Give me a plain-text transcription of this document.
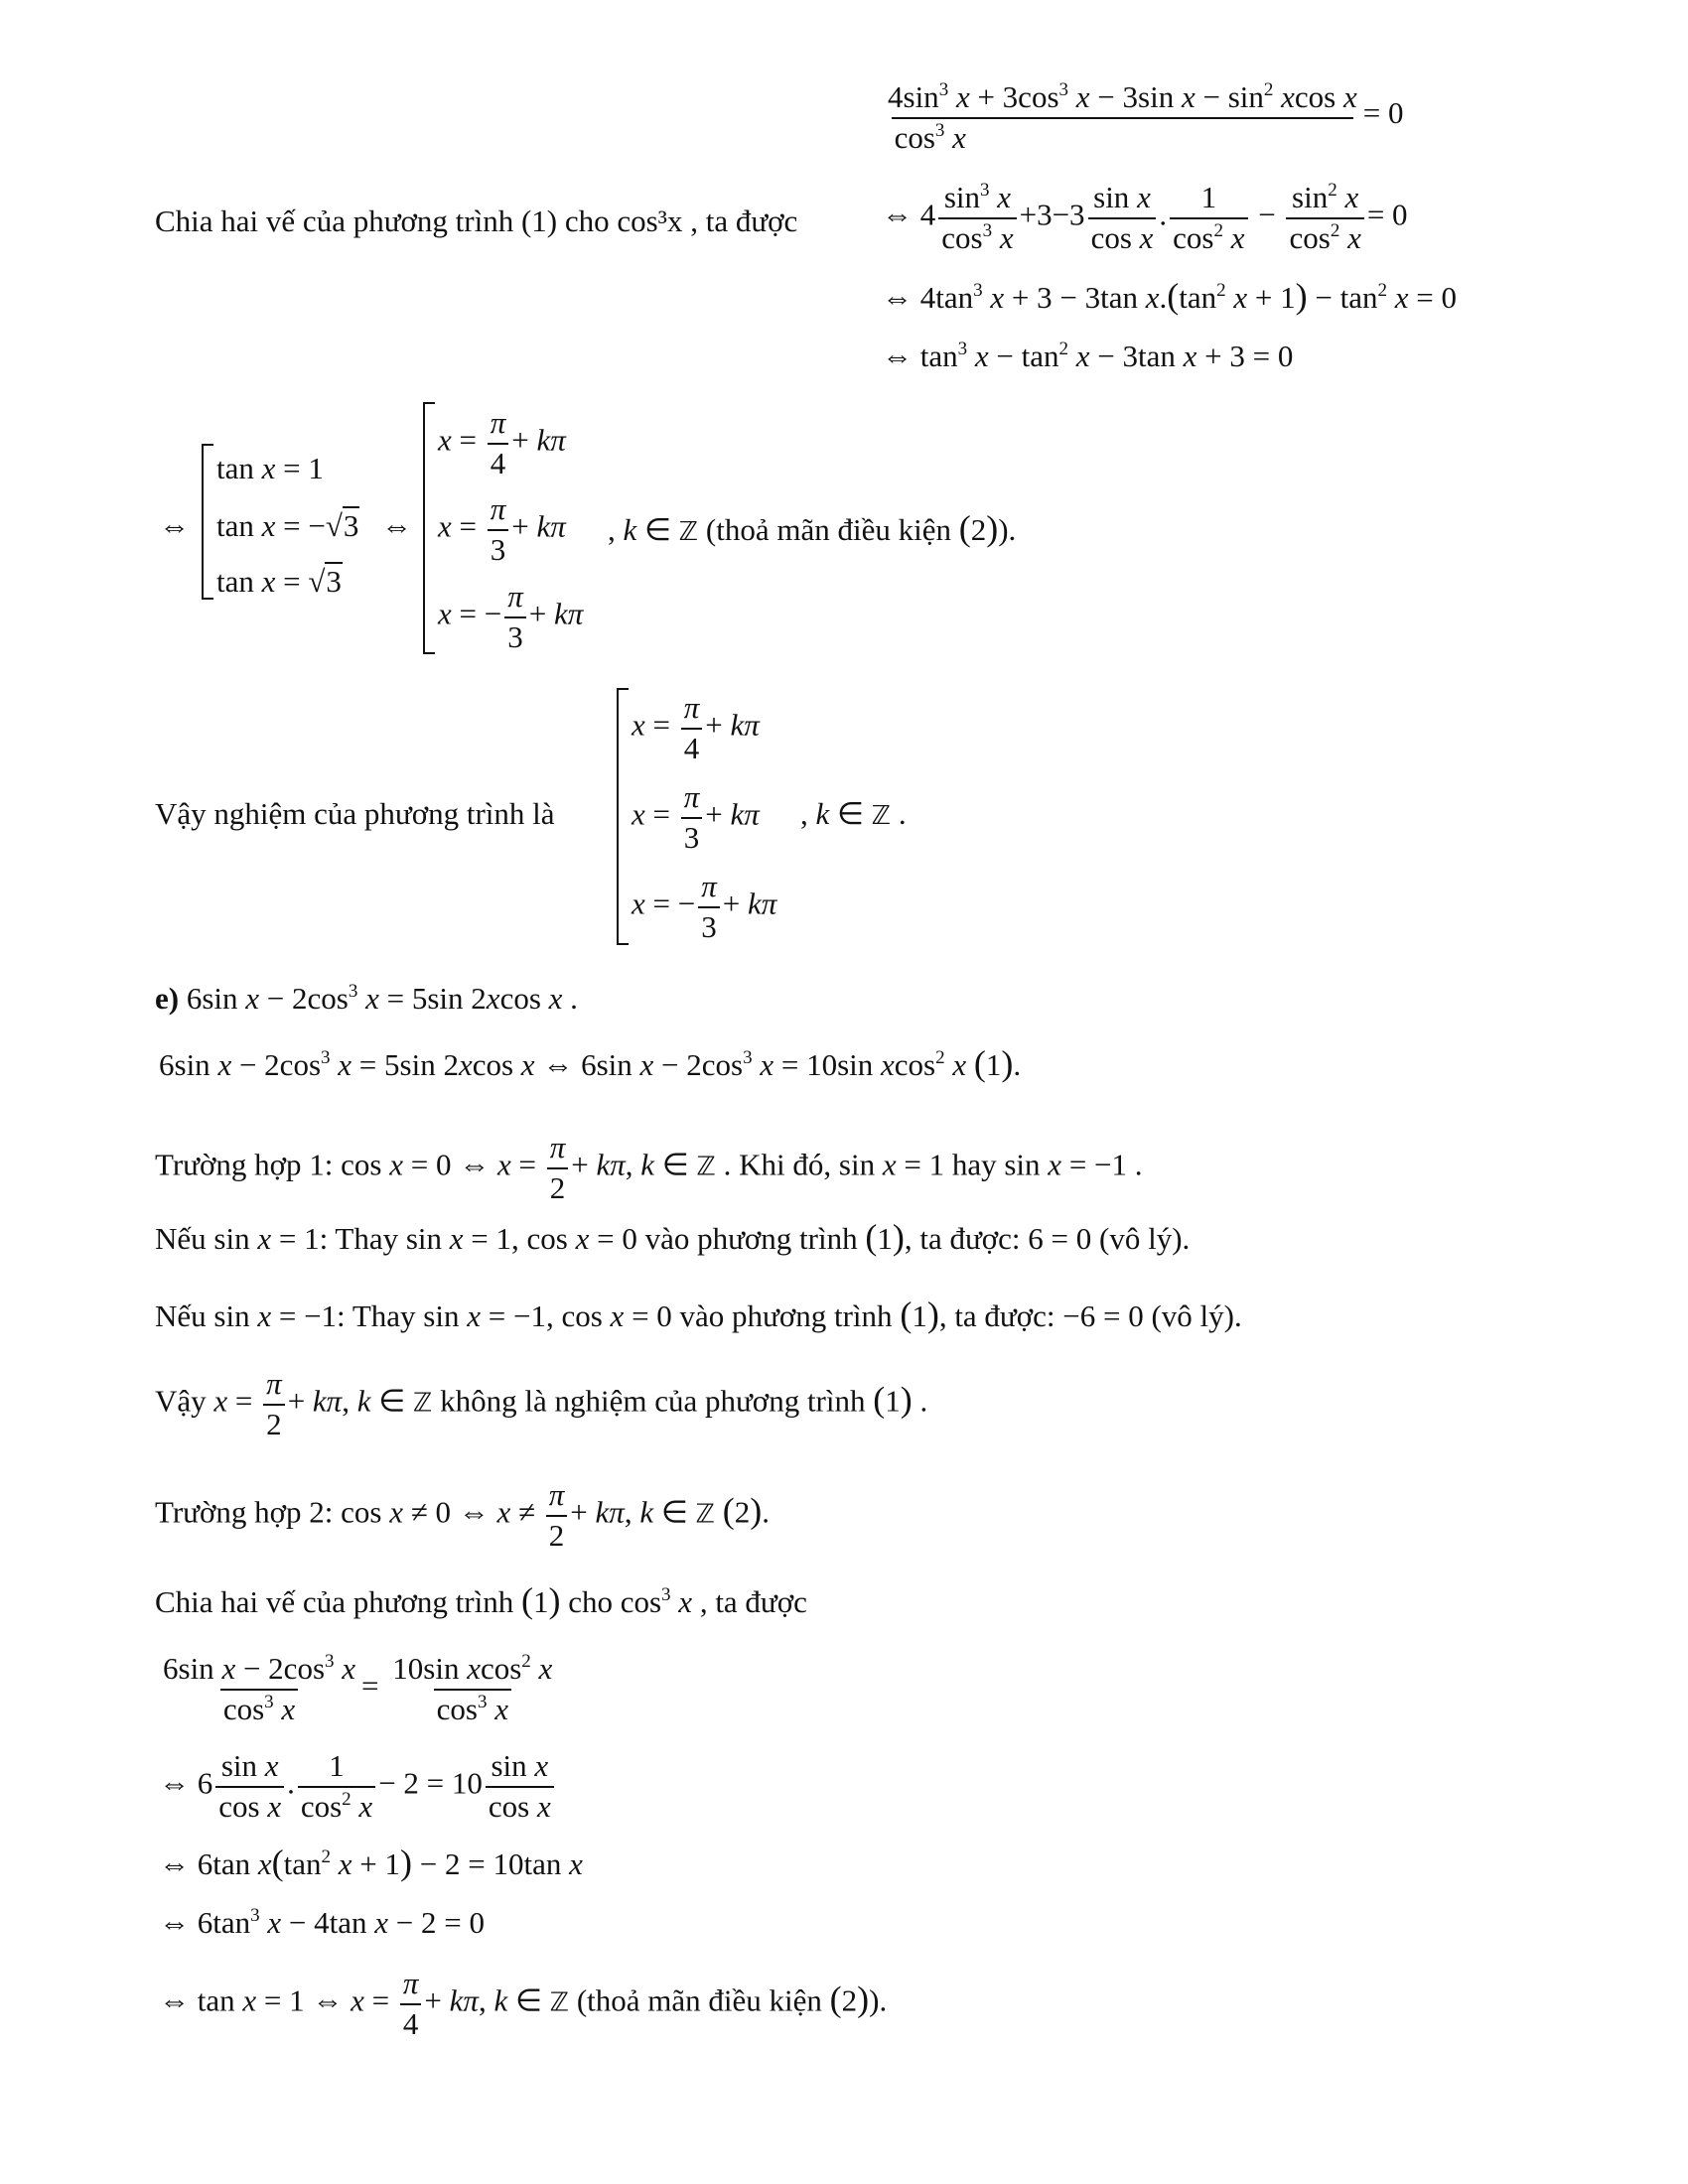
$\frac{4\sin^3 x + 3\cos^3 x - 3\sin x - \sin^2 xcos x}{\cos^3 x} = 0$
Chia hai vế của phương trình (1) cho cos³x , ta được	⇔ $4 \frac{\sin^3 x}{\cos^3 x} +3-3 \frac{\text{sin x}}{\text{cos x}}$ . $\frac{1}{\cos^2 x} - \frac{\sin^2 x}{\cos^2 x} = 0$
⇔ $4\tan^3$ x + 3 − 3tan $x.(\tan^2$ $x + 1) - \tan^2 x = 0$
⇔ $\tan^3 x - \tan^2 x - 3\tan$ x + 3 = 0
⇔
tan x = 1
tan x = −√3
tan x = √3
⇔
$x = \frac{\pi}{4} + k\pi$
$x = \frac{\pi}{3} + k\pi$
x = − $\frac{\pi}{3} + k\pi$
, k ∈ ℤ (thoả mãn điều kiện (2)).
Vậy nghiệm của phương trình là
$x = \frac{\pi}{4} + k\pi$
$x = \frac{\pi}{3} + k\pi$ , k ∈ ℤ .
x = − $\frac{\pi}{3} + k\pi$
e) 6sin $x - 2\cos^3$ x = 5sin 2xcos x .
6sin $x - 2\cos^3$ x = 5sin 2xcos x ⇔ 6sin $x - 2\cos^3$ x = 10sin xcos$^2$ x (1).
Trường hợp 1: cos x = 0 ⇔ $x = \frac{\pi}{2} + k\pi$, k ∈ ℤ . Khi đó, sin x = 1 hay sin x = −1 .
Nếu sin x = 1: Thay sin x = 1, cos x = 0 vào phương trình (1), ta được: 6 = 0 (vô lý).
Nếu sin x = −1: Thay sin x = −1, cos x = 0 vào phương trình (1), ta được: −6 = 0 (vô lý).
Vậy $x = \frac{\pi}{2} + k\pi$, k ∈ ℤ không là nghiệm của phương trình (1) .
Trường hợp 2: cos x ≠ 0 ⇔ $x \ne \frac{\pi}{2} + k\pi$, k ∈ ℤ (2).
Chia hai vế của phương trình (1) cho $\cos^3 x$ , ta được
$\frac{6\sin x - 2\cos^3 x}{\cos^3 x} = \frac{10\sin xcos^2 x}{\cos^3 x}$
⇔ $6 \frac{\text{sin x}}{\text{cos x}}$ . $\frac{1}{\cos^2 x} - 2 = 10 \frac{\text{sin x}}{\text{cos x}}$
⇔ 6tan $x(\tan^2$ x + 1) − 2 = 10tan x
⇔ $6\tan^3$ x − 4tan x − 2 = 0
⇔ tan x = 1 ⇔ $x = \frac{\pi}{4} + k\pi$, k ∈ ℤ (thoả mãn điều kiện (2)).
